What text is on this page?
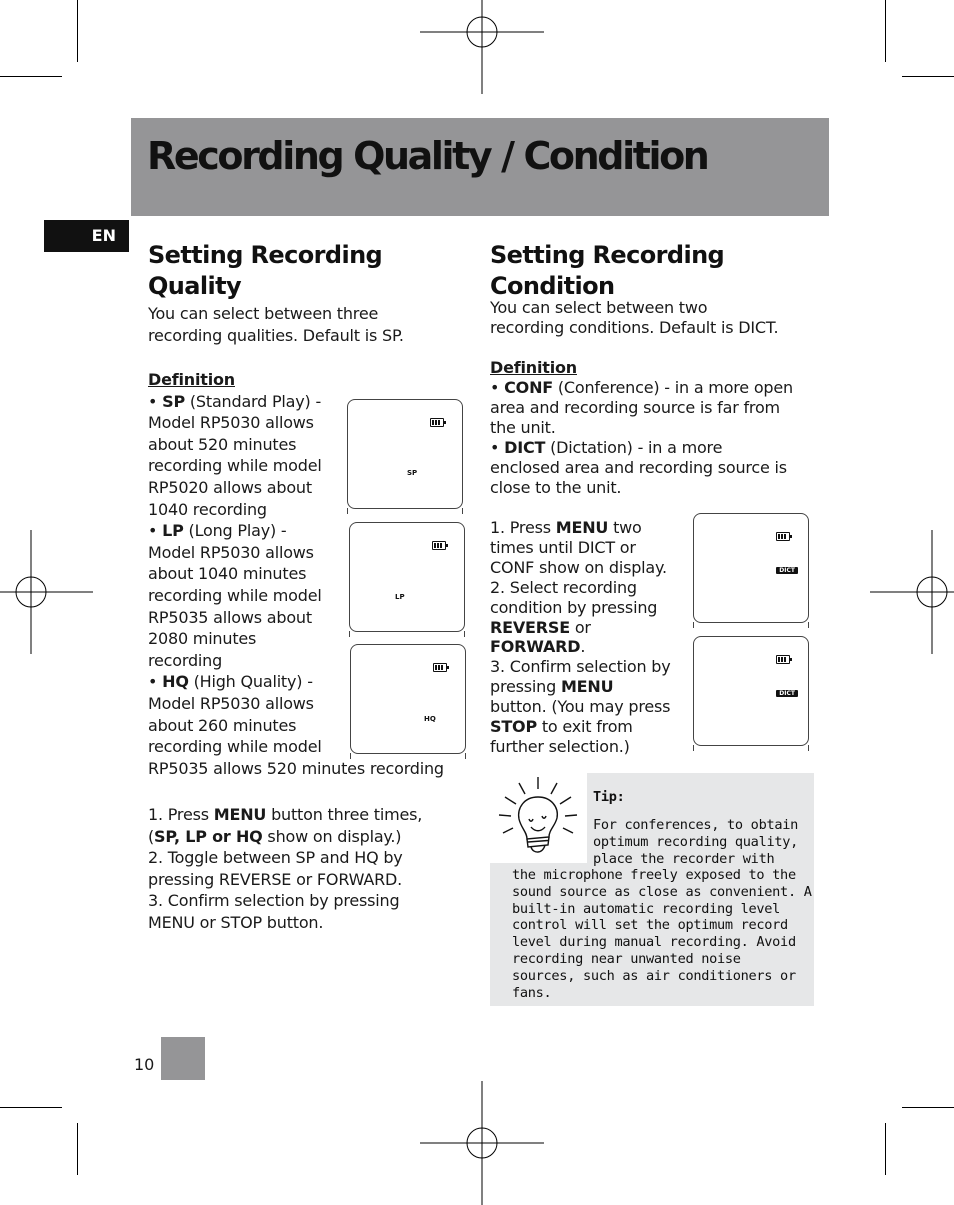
Recording Quality / Condition
EN
Setting Recording
Quality
You can select between three
recording qualities. Default is SP.
Definition
• SP (Standard Play) -
Model RP5030 allows
about 520 minutes
recording while model
RP5020 allows about
1040 recording
• LP (Long Play) -
Model RP5030 allows
about 1040 minutes
recording while model
RP5035 allows about
2080 minutes
recording
• HQ (High Quality) -
Model RP5030 allows
about 260 minutes
recording while model
RP5035 allows 520 minutes recording
1. Press MENU button three times,
(SP, LP or HQ show on display.)
2. Toggle between SP and HQ by
pressing REVERSE or FORWARD.
3. Confirm selection by pressing
MENU or STOP button.
SP
LP
HQ
Setting Recording
Condition
You can select between two
recording conditions. Default is DICT.
Definition
• CONF (Conference) - in a more open
area and recording source is far from
the unit.
• DICT (Dictation) - in a more
enclosed area and recording source is
close to the unit.
1. Press MENU two
times until DICT or
CONF show on display.
2. Select recording
condition by pressing
REVERSE or
FORWARD.
3. Confirm selection by
pressing MENU
button. (You may press
STOP to exit from
further selection.)
DICT
DICT
Tip:
For conferences, to obtain
optimum recording quality,
place the recorder with
the microphone freely exposed to the
sound source as close as convenient. A
built-in automatic recording level
control will set the optimum record
level during manual recording. Avoid
recording near unwanted noise
sources, such as air conditioners or
fans.
10
